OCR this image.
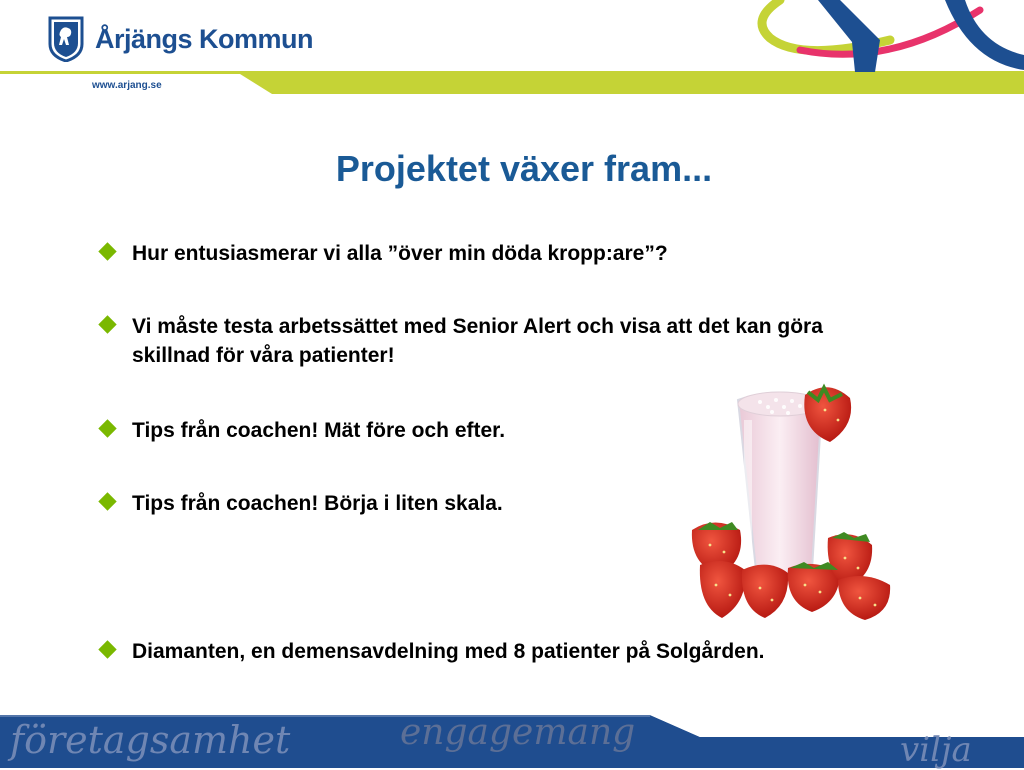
Årjängs Kommun
www.arjang.se
Projektet växer fram...
Hur entusiasmerar vi alla ”över min döda kropp:are”?
Vi måste testa arbetssättet med Senior Alert och visa att det kan göra skillnad för våra patienter!
Tips från coachen! Mät före och efter.
Tips från coachen! Börja i liten skala.
Diamanten, en demensavdelning med 8 patienter på Solgården.
företagsamhet	engagemang	vilja
